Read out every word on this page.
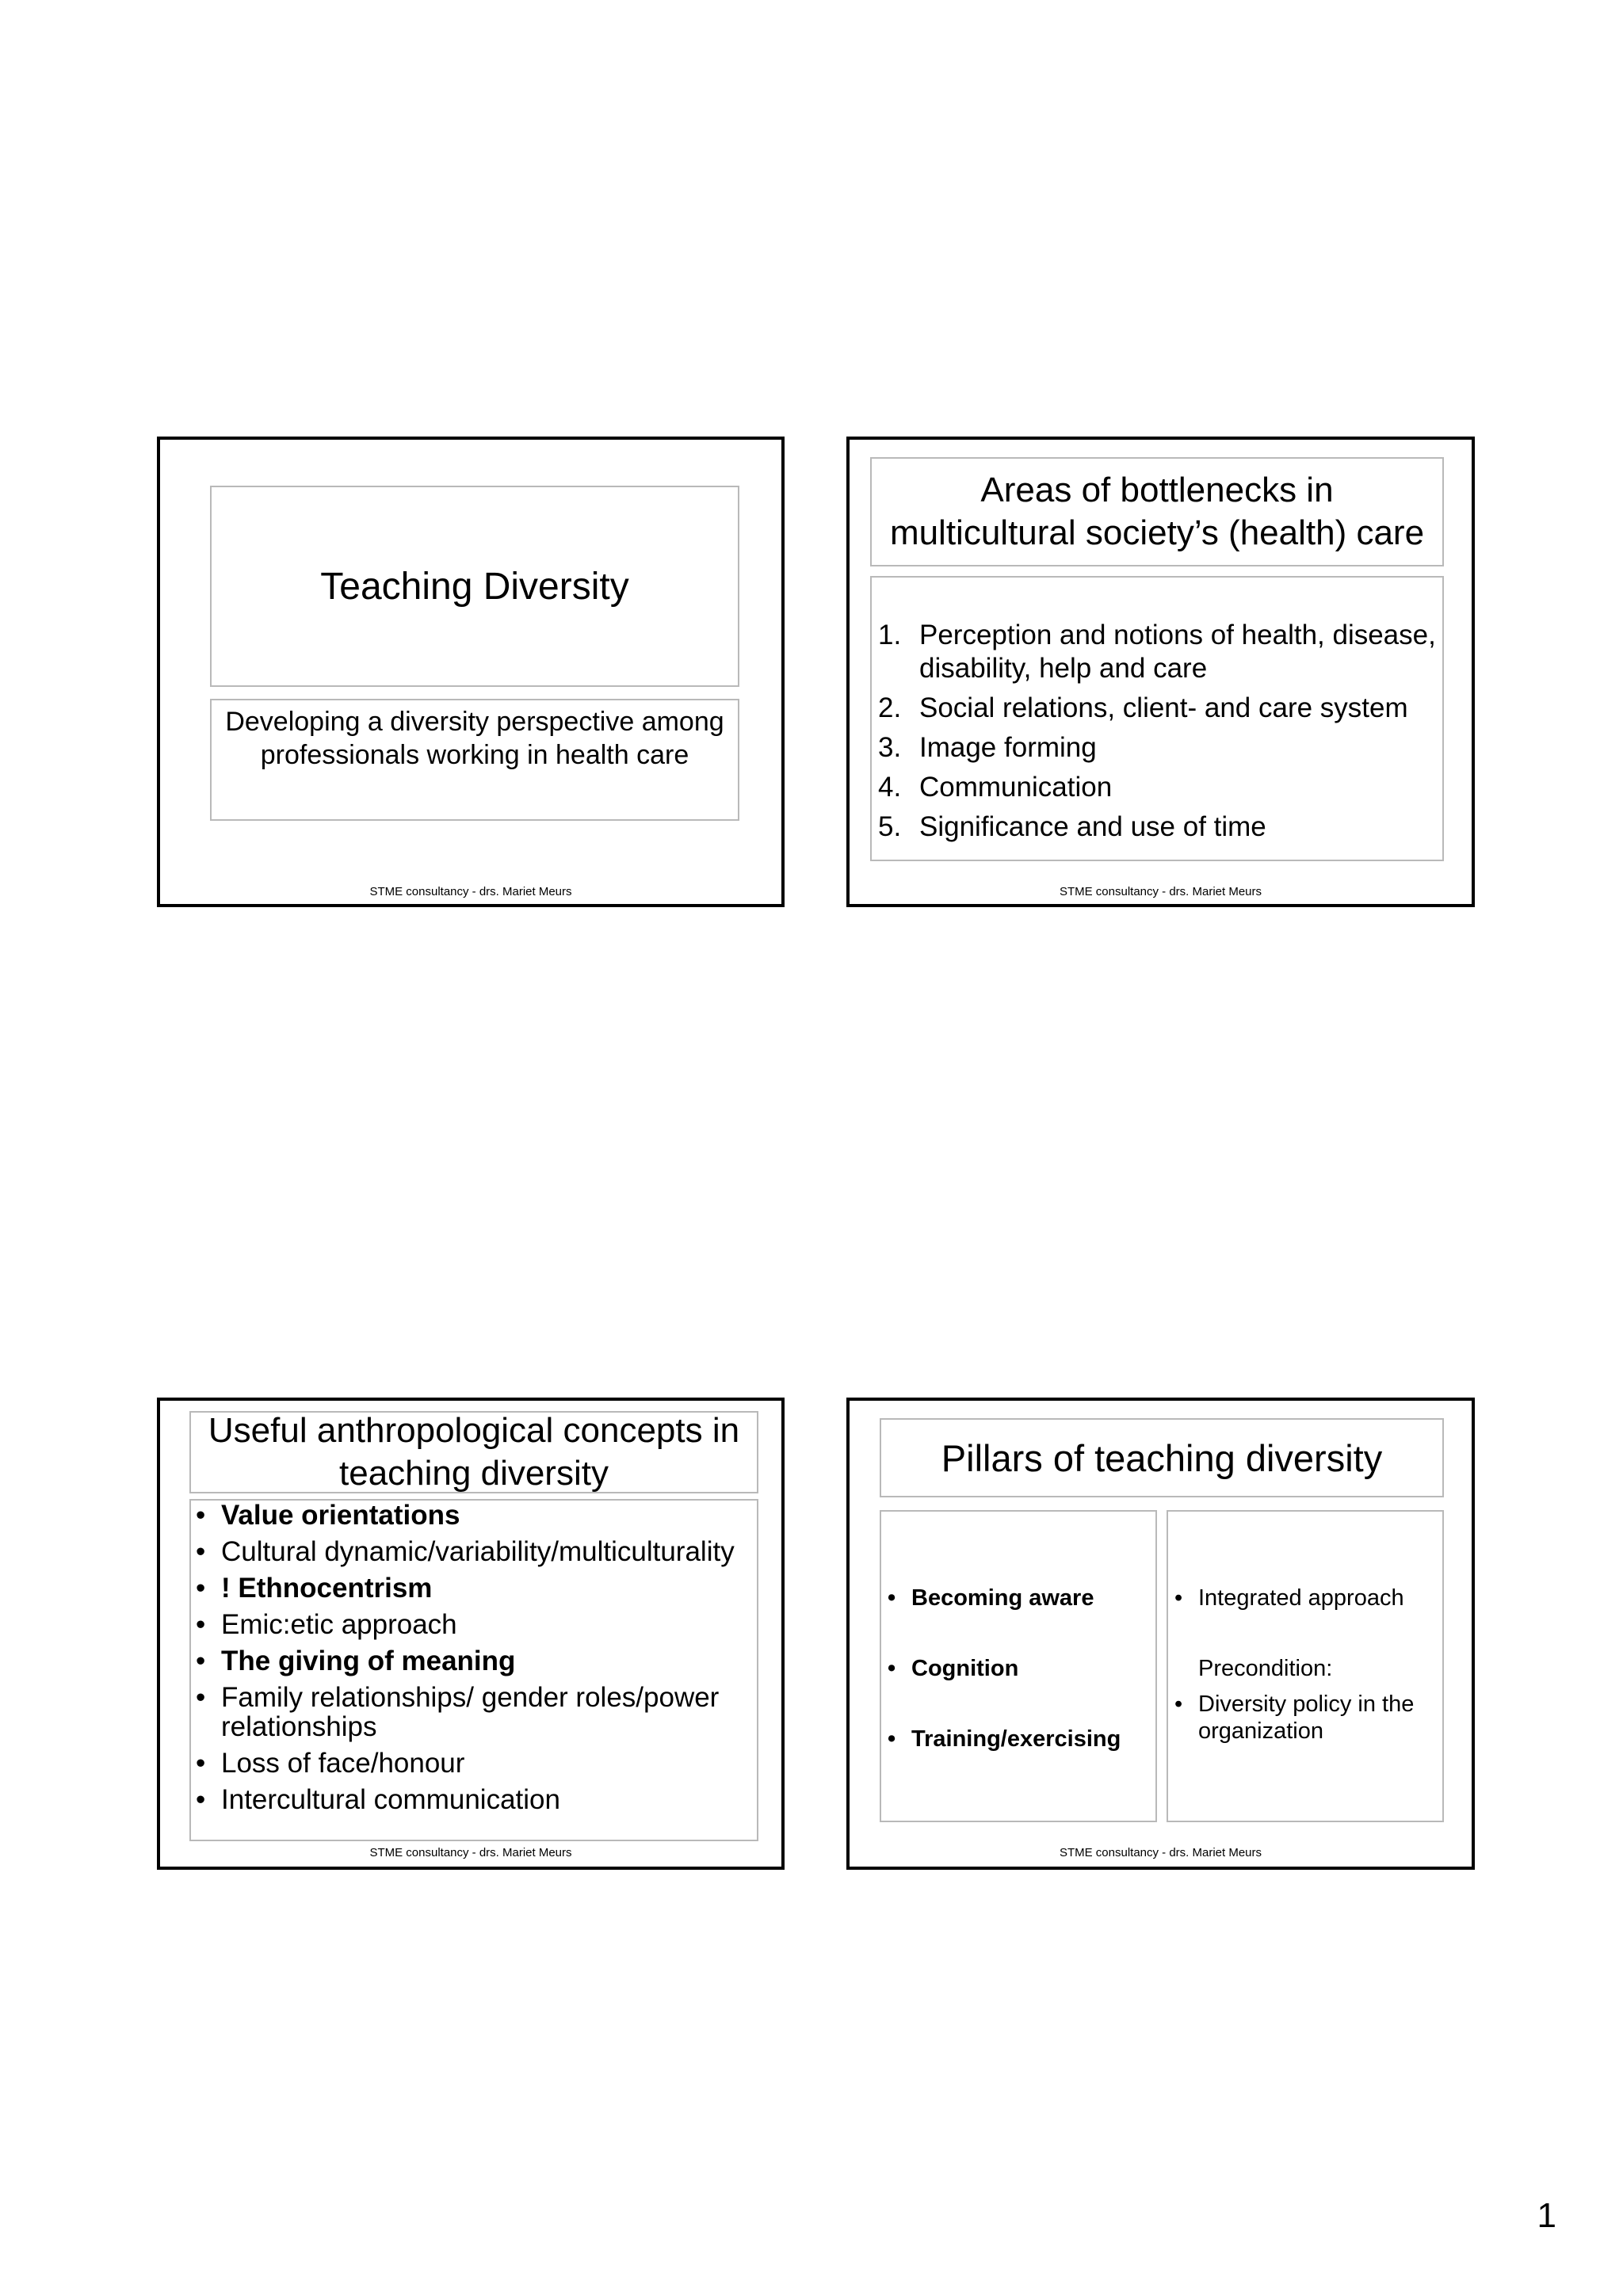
Teaching Diversity
Developing a diversity perspective among professionals working in health care
STME consultancy - drs. Mariet Meurs
Areas of bottlenecks in multicultural society’s (health) care
1. Perception and notions of health, disease, disability, help and care
2. Social relations, client- and care system
3. Image forming
4. Communication
5. Significance and use of time
STME consultancy - drs. Mariet Meurs
Useful anthropological concepts in teaching diversity
• Value orientations
• Cultural dynamic/variability/multiculturality
• ! Ethnocentrism
• Emic:etic approach
• The giving of meaning
• Family relationships/ gender roles/power relationships
• Loss of face/honour
• Intercultural communication
STME consultancy - drs. Mariet Meurs
Pillars of teaching diversity
• Becoming aware
• Cognition
• Training/exercising
• Integrated approach
Precondition:
• Diversity policy in the organization
STME consultancy - drs. Mariet Meurs
1
